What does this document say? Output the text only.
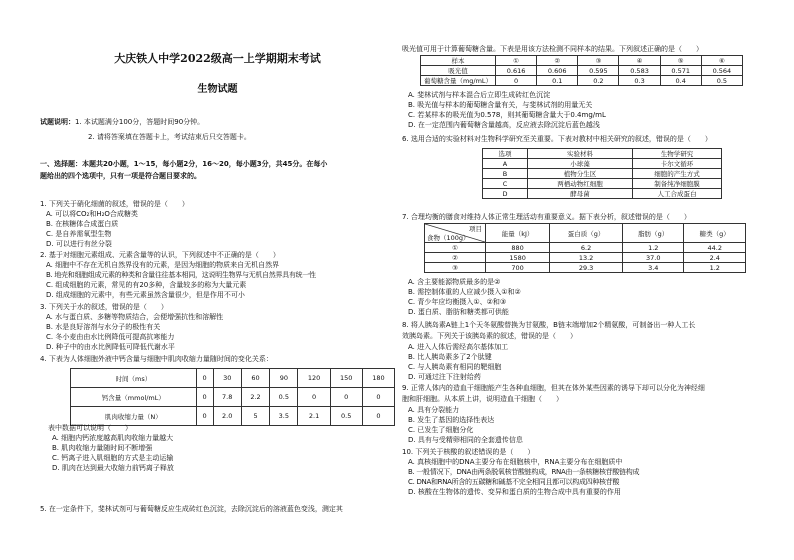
大庆铁人中学2022级高一上学期期末考试
生物试题
试题说明：1. 本试题满分100分，答题时间90分钟。
2. 请将答案填在答题卡上，考试结束后只交答题卡。
一、选择题：本题共20小题，1～15，每小题2分，16～20，每小题3分，共45分。在每小
题给出的四个选项中，只有一项是符合题目要求的。
1. 下列关于硝化细菌的叙述，错误的是（　　）
A. 可以将CO₂和H₂O合成糖类
B. 在核糖体合成蛋白质
C. 是自养需氧型生物
D. 可以进行有丝分裂
2. 基于对细胞元素组成、元素含量等的认识，下列叙述中不正确的是（　　）
A. 细胞中不存在无机自然界没有的元素，是因为细胞的物质来自无机自然界
B. 地壳和细胞组成元素的种类和含量往往基本相同，这说明生物界与无机自然界具有统一性
C. 组成细胞的元素，常见的有20多种，含量较多的称为大量元素
D. 组成细胞的元素中，有些元素虽然含量很少，但是作用不可小
3. 下列关于水的叙述，错误的是（　　）
A. 水与蛋白质、多糖等物质结合，会便增强抗性和溶解性
B. 水是良好溶剂与水分子的极性有关
C. 冬小麦由由水比例降低可提高抗寒能力
D. 种子中的由水比例降低可降低代谢水平
4. 下表为人体细胞外液中钙含量与细胞中肌肉收缩力量随时间的变化关系：
时间（ms）	0	30	60	90	120	150	180
钙含量（mmol/mL）	0	7.8	2.2	0.5	0	0	0
肌肉收缩力量（N）	0	2.0	5	3.5	2.1	0.5	0
表中数据可以说明（　　）
A. 细胞内钙浓度越高肌肉收缩力量越大
B. 肌肉收缩力量随时间不断增强
C. 钙离子进入肌细胞的方式是主动运输
D. 肌肉在达到最大收缩力前钙离子释放
5. 在一定条件下，斐林试剂可与葡萄糖反应生成砖红色沉淀，去除沉淀后的溶液蓝色变浅，测定其
吸光值可用于计算葡萄糖含量。下表是用该方法检测不同样本的结果。下列叙述正确的是（　　）
样本	①	②	③	④	⑤	⑥
吸光值	0.616	0.606	0.595	0.583	0.571	0.564
葡萄糖含量（mg/mL）	0	0.1	0.2	0.3	0.4	0.5
A. 斐林试剂与样本混合后立即生成砖红色沉淀
B. 吸光值与样本的葡萄糖含量有关，与斐林试剂的用量无关
C. 若某样本的吸光值为0.578，则其葡萄糖含量大于0.4mg/mL
D. 在一定范围内葡萄糖含量越高，反应液去除沉淀后蓝色越浅
6. 选用合适的实验材料对生物科学研究至关重要。下表对教材中相关研究的叙述，错误的是（　　）
选项	实验材料	生物学研究
A	小球藻	卡尔文循环
B	植物分生区	细胞的产生方式
C	两栖动物红细胞	制备纯净细胞膜
D	酵母菌	人工合成蛋白
7. 合理均衡的膳食对维持人体正常生理活动有重要意义。据下表分析，叙述错误的是（　　）
项目
食物（100g）	能量（kJ）	蛋白质（g）	脂肪（g）	糖类（g）
①	880	6.2	1.2	44.2
②	1580	13.2	37.0	2.4
③	700	29.3	3.4	1.2
A. 含主要能源物质最多的是②
B. 需控制体重的人应减少摄入①和②
C. 青少年应均衡摄入①、②和③
D. 蛋白质、脂肪和糖类都可供能
8. 将人胰岛素A链上1个天冬氨酸替换为甘氨酸，B链末端增加2个精氨酸，可制备出一种人工长
效胰岛素。下列关于该胰岛素的叙述，错误的是（　　）
A. 进入人体后需经高尔基体加工
B. 比人胰岛素多了2个肽键
C. 与人胰岛素有相同的靶细胞
D. 可通过注下注射给药
9. 正常人体内的造血干细胞能产生各种血细胞，但其在体外某些因素的诱导下却可以分化为神经细
胞和肝细胞。从本质上讲，说明造血干细胞（　　）
A. 具有分裂能力
B. 发生了基因的选择性表达
C. 已发生了细胞分化
D. 具有与受精卵相同的全套遗传信息
10. 下列关于核酸的叙述错误的是（　　）
A. 真核细胞中的DNA主要分布在细胞核中，RNA主要分布在细胞质中
B. 一般情况下，DNA由两条脱氧核苷酸链构成，RNA由一条核糖核苷酸链构成
C. DNA和RNA所含的五碳糖和碱基不完全相同且都可以构成四种核苷酸
D. 核酸在生物体的遗传、变异和蛋白质的生物合成中具有重要的作用
